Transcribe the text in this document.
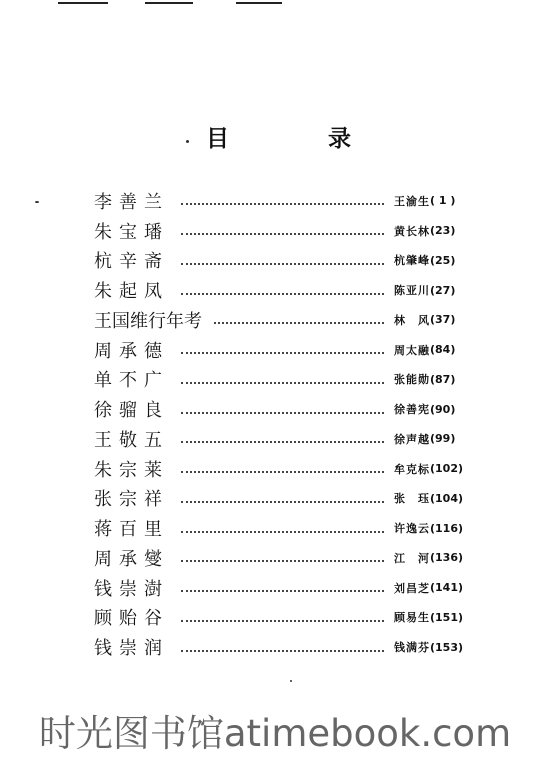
目	录
李善兰	王渝生 ( 1 )
朱宝璠	黄长林 (23)
杭辛斋	杭肇峰 (25)
朱起凤	陈亚川 (27)
王国维行年考	林　风 (37)
周承德	周太融 (84)
单不广	张能勋 (87)
徐骝良	徐善宪 (90)
王敬五	徐声越 (99)
朱宗莱	牟克标 (102)
张宗祥	张　珏 (104)
蒋百里	许逸云 (116)
周承燮	江　河 (136)
钱崇澍	刘昌芝 (141)
顾贻谷	顾易生 (151)
钱崇润	钱满芬 (153)
时光图书馆atimebook.com
